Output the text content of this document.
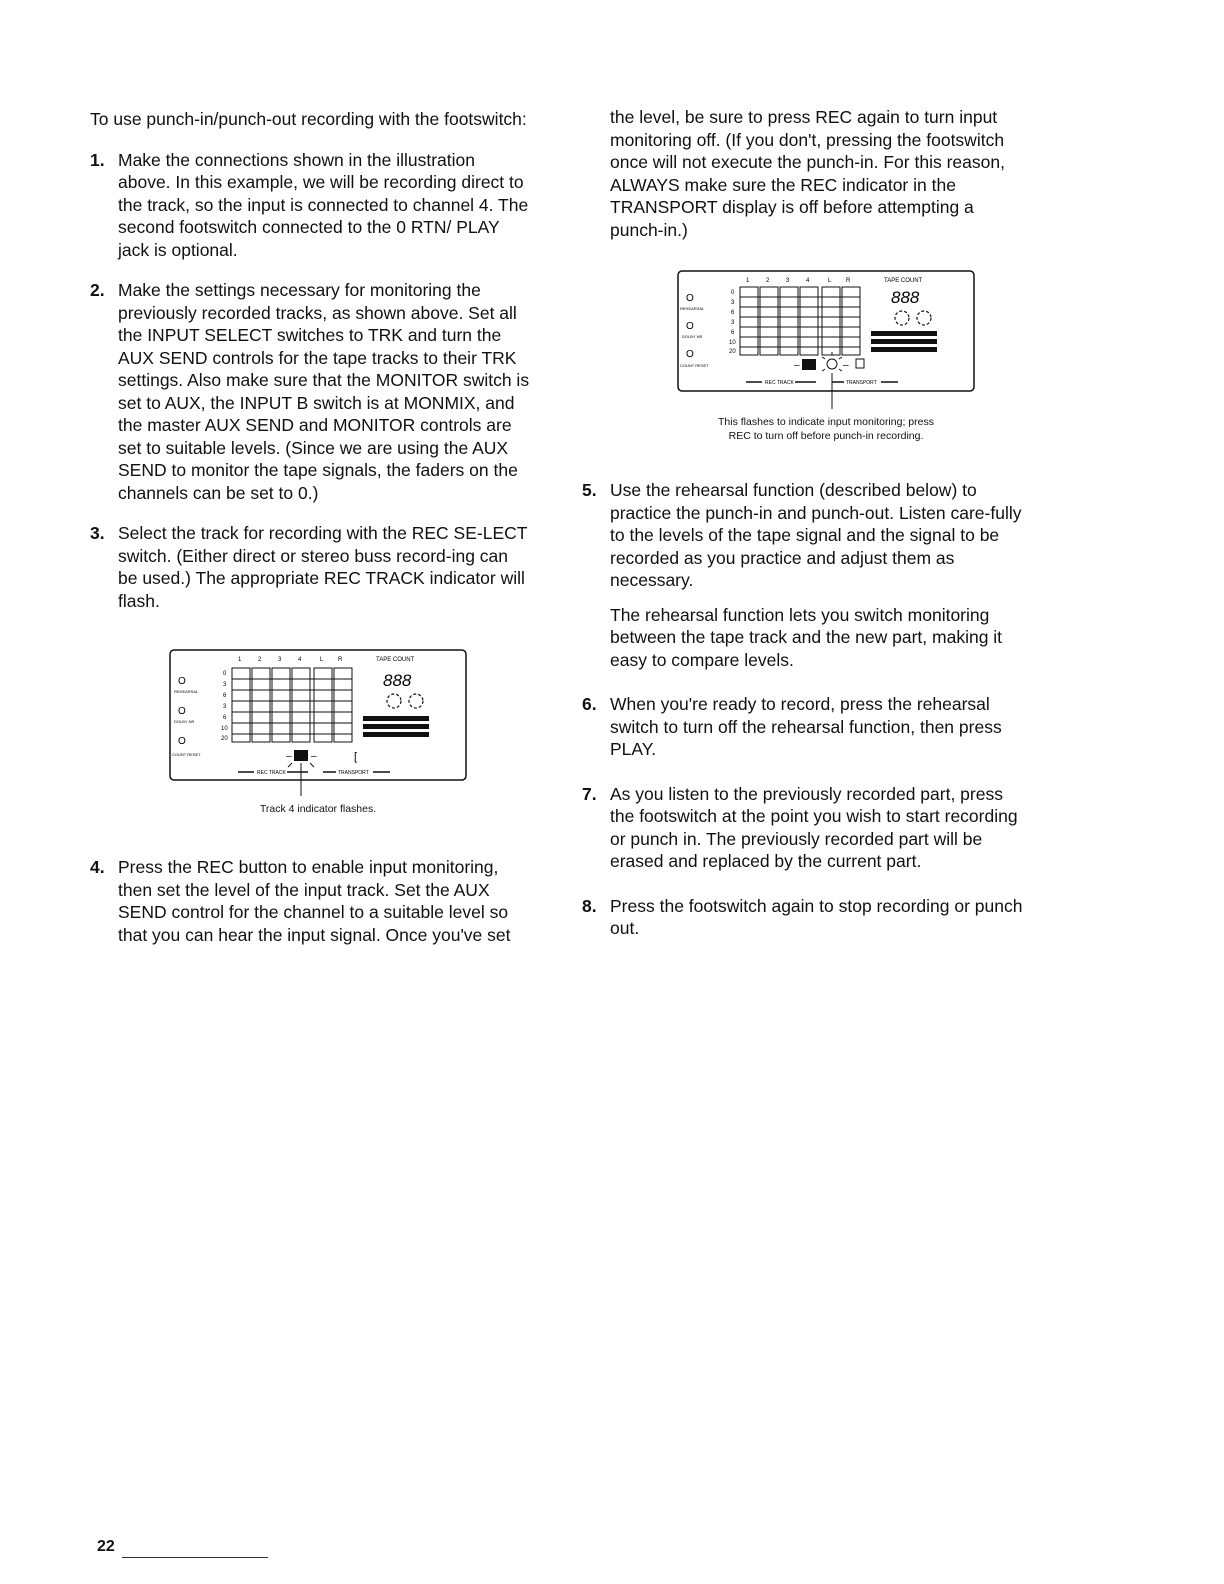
To use punch-in/punch-out recording with the footswitch:

1. Make the connections shown in the illustration above. In this example, we will be recording direct to the track, so the input is connected to channel 4. The second footswitch connected to the 0 RTN/ PLAY jack is optional.

2. Make the settings necessary for monitoring the previously recorded tracks, as shown above. Set all the INPUT SELECT switches to TRK and turn the AUX SEND controls for the tape tracks to their TRK settings. Also make sure that the MONITOR switch is set to AUX, the INPUT B switch is at MONMIX, and the master AUX SEND and MONITOR controls are set to suitable levels. (Since we are using the AUX SEND to monitor the tape signals, the faders on the channels can be set to 0.)

3. Select the track for recording with the REC SE-LECT switch. (Either direct or stereo buss record-ing can be used.) The appropriate REC TRACK indicator will flash.

1	2	3	4	L R	TAPE COUNT
O
O
O
REHEARSAL
DOLBY NR
COUNT RESET
0
3
6
3
6
10
20
888
– –	[
REC TRACK	TRANSPORT
Track 4 indicator flashes.
4. Press the REC button to enable input monitoring, then set the level of the input track. Set the AUX SEND control for the channel to a suitable level so that you can hear the input signal. Once you've set

the level, be sure to press REC again to turn input monitoring off. (If you don't, pressing the footswitch once will not execute the punch-in. For this reason, ALWAYS make sure the REC indicator in the TRANSPORT display is off before attempting a punch-in.)

1	2	3	4	L R	TAPE COUNT
O
O
O
REHEARSAL
DOLBY NR
COUNT RESET
0
3
6
3
6
10
20
888
–	–
REC TRACK	TRANSPORT
This flashes to indicate input monitoring; press
REC to turn off before punch-in recording.
5. Use the rehearsal function (described below) to practice the punch-in and punch-out. Listen care-fully to the levels of the tape signal and the signal to be recorded as you practice and adjust them as necessary.

The rehearsal function lets you switch monitoring between the tape track and the new part, making it easy to compare levels.

6. When you're ready to record, press the rehearsal switch to turn off the rehearsal function, then press PLAY.

7. As you listen to the previously recorded part, press the footswitch at the point you wish to start recording or punch in. The previously recorded part will be erased and replaced by the current part.

8. Press the footswitch again to stop recording or punch out.

22
